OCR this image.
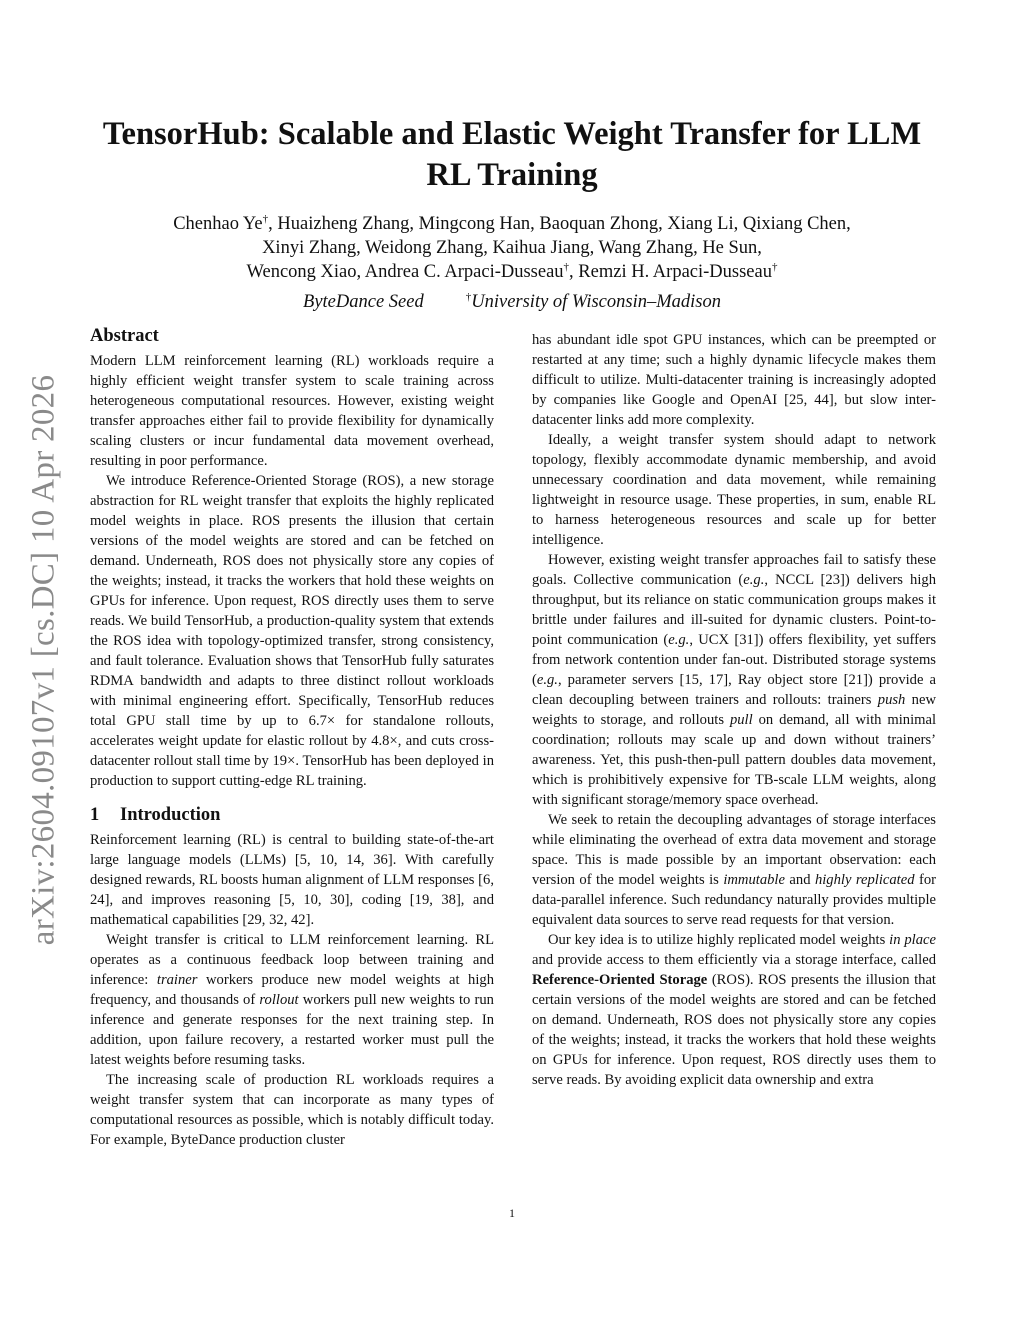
TensorHub: Scalable and Elastic Weight Transfer for LLM RL Training

Chenhao Ye†, Huaizheng Zhang, Mingcong Han, Baoquan Zhong, Xiang Li, Qixiang Chen,
Xinyi Zhang, Weidong Zhang, Kaihua Jiang, Wang Zhang, He Sun,
Wencong Xiao, Andrea C. Arpaci-Dusseau†, Remzi H. Arpaci-Dusseau†

ByteDance Seed	†University of Wisconsin–Madison

arXiv:2604.09107v1 [cs.DC] 10 Apr 2026
Abstract

Modern LLM reinforcement learning (RL) workloads require a highly efficient weight transfer system to scale training across heterogeneous computational resources. However, existing weight transfer approaches either fail to provide flexibility for dynamically scaling clusters or incur fundamental data movement overhead, resulting in poor performance.

We introduce Reference-Oriented Storage (ROS), a new storage abstraction for RL weight transfer that exploits the highly replicated model weights in place. ROS presents the illusion that certain versions of the model weights are stored and can be fetched on demand. Underneath, ROS does not physically store any copies of the weights; instead, it tracks the workers that hold these weights on GPUs for inference. Upon request, ROS directly uses them to serve reads. We build TensorHub, a production-quality system that extends the ROS idea with topology-optimized transfer, strong consistency, and fault tolerance. Evaluation shows that TensorHub fully saturates RDMA bandwidth and adapts to three distinct rollout workloads with minimal engineering effort. Specifically, TensorHub reduces total GPU stall time by up to 6.7× for standalone rollouts, accelerates weight update for elastic rollout by 4.8×, and cuts cross-datacenter rollout stall time by 19×. TensorHub has been deployed in production to support cutting-edge RL training.

1 Introduction

Reinforcement learning (RL) is central to building state-of-the-art large language models (LLMs) [5, 10, 14, 36]. With carefully designed rewards, RL boosts human alignment of LLM responses [6, 24], and improves reasoning [5, 10, 30], coding [19, 38], and mathematical capabilities [29, 32, 42].

Weight transfer is critical to LLM reinforcement learning. RL operates as a continuous feedback loop between training and inference: trainer workers produce new model weights at high frequency, and thousands of rollout workers pull new weights to run inference and generate responses for the next training step. In addition, upon failure recovery, a restarted worker must pull the latest weights before resuming tasks.

The increasing scale of production RL workloads requires a weight transfer system that can incorporate as many types of computational resources as possible, which is notably difficult today. For example, ByteDance production cluster

has abundant idle spot GPU instances, which can be preempted or restarted at any time; such a highly dynamic lifecycle makes them difficult to utilize. Multi-datacenter training is increasingly adopted by companies like Google and OpenAI [25, 44], but slow inter-datacenter links add more complexity.

Ideally, a weight transfer system should adapt to network topology, flexibly accommodate dynamic membership, and avoid unnecessary coordination and data movement, while remaining lightweight in resource usage. These properties, in sum, enable RL to harness heterogeneous resources and scale up for better intelligence.

However, existing weight transfer approaches fail to satisfy these goals. Collective communication (e.g., NCCL [23]) delivers high throughput, but its reliance on static communication groups makes it brittle under failures and ill-suited for dynamic clusters. Point-to-point communication (e.g., UCX [31]) offers flexibility, yet suffers from network contention under fan-out. Distributed storage systems (e.g., parameter servers [15, 17], Ray object store [21]) provide a clean decoupling between trainers and rollouts: trainers push new weights to storage, and rollouts pull on demand, all with minimal coordination; rollouts may scale up and down without trainers’ awareness. Yet, this push-then-pull pattern doubles data movement, which is prohibitively expensive for TB-scale LLM weights, along with significant storage/memory space overhead.

We seek to retain the decoupling advantages of storage interfaces while eliminating the overhead of extra data movement and storage space. This is made possible by an important observation: each version of the model weights is immutable and highly replicated for data-parallel inference. Such redundancy naturally provides multiple equivalent data sources to serve read requests for that version.

Our key idea is to utilize highly replicated model weights in place and provide access to them efficiently via a storage interface, called Reference-Oriented Storage (ROS). ROS presents the illusion that certain versions of the model weights are stored and can be fetched on demand. Underneath, ROS does not physically store any copies of the weights; instead, it tracks the workers that hold these weights on GPUs for inference. Upon request, ROS directly uses them to serve reads. By avoiding explicit data ownership and extra

1
